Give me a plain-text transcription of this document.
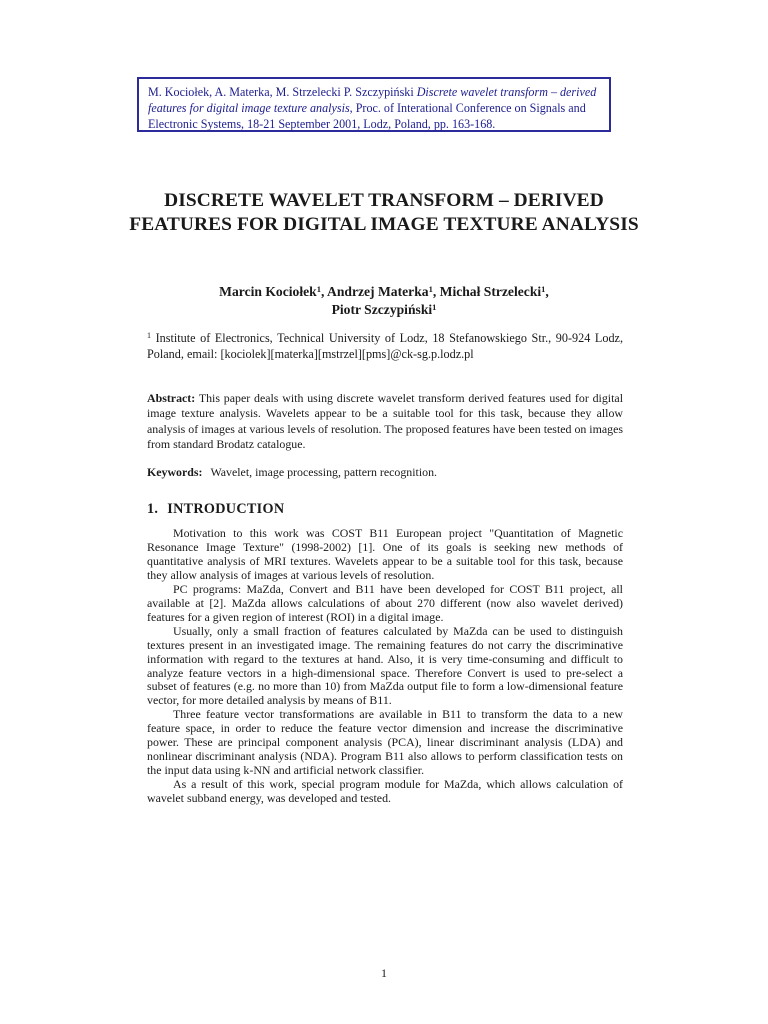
M. Kociołek, A. Materka, M. Strzelecki P. Szczypiński Discrete wavelet transform – derived features for digital image texture analysis, Proc. of Interational Conference on Signals and Electronic Systems, 18-21 September 2001, Lodz, Poland, pp. 163-168.
DISCRETE WAVELET TRANSFORM – DERIVED FEATURES FOR DIGITAL IMAGE TEXTURE ANALYSIS
Marcin Kociołek$^1$, Andrzej Materka$^1$, Michał Strzelecki$^1$,
Piotr Szczypiński$^1$
$^1$ Institute of Electronics, Technical University of Lodz, 18 Stefanowskiego Str., 90-924 Lodz, Poland, email: [kociolek][materka][mstrzel][pms]@ck-sg.p.lodz.pl
Abstract: This paper deals with using discrete wavelet transform derived features used for digital image texture analysis. Wavelets appear to be a suitable tool for this task, because they allow analysis of images at various levels of resolution. The proposed features have been tested on images from standard Brodatz catalogue.
Keywords: Wavelet, image processing, pattern recognition.
1. INTRODUCTION

Motivation to this work was COST B11 European project "Quantitation of Magnetic Resonance Image Texture" (1998-2002) [1]. One of its goals is seeking new methods of quantitative analysis of MRI textures. Wavelets appear to be a suitable tool for this task, because they allow analysis of images at various levels of resolution.

PC programs: MaZda, Convert and B11 have been developed for COST B11 project, all available at [2]. MaZda allows calculations of about 270 different (now also wavelet derived) features for a given region of interest (ROI) in a digital image.

Usually, only a small fraction of features calculated by MaZda can be used to distinguish textures present in an investigated image. The remaining features do not carry the discriminative information with regard to the textures at hand. Also, it is very time-consuming and difficult to analyze feature vectors in a high-dimensional space. Therefore Convert is used to pre-select a subset of features (e.g. no more than 10) from MaZda output file to form a low-dimensional feature vector, for more detailed analysis by means of B11.

Three feature vector transformations are available in B11 to transform the data to a new feature space, in order to reduce the feature vector dimension and increase the discriminative power. These are principal component analysis (PCA), linear discriminant analysis (LDA) and nonlinear discriminant analysis (NDA). Program B11 also allows to perform classification tests on the input data using k-NN and artificial network classifier.

As a result of this work, special program module for MaZda, which allows calculation of wavelet subband energy, was developed and tested.

1
